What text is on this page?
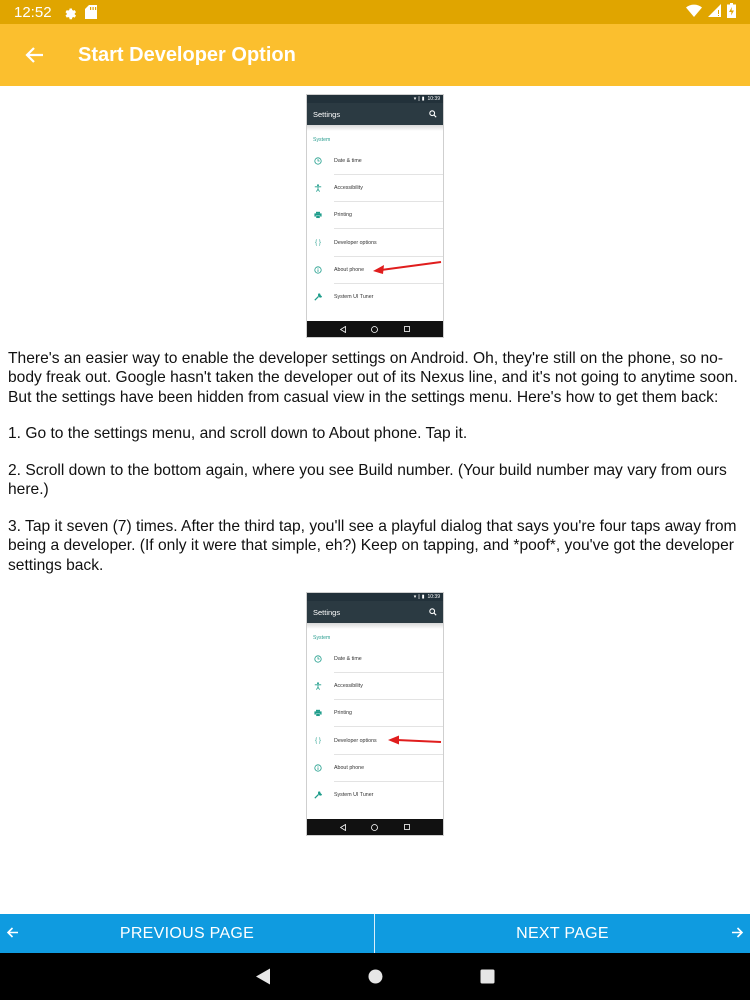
12:52
Start Developer Option
▾ ▯ ▮ 10:39
Settings
System
Date & time
Accessibility
Printing
{ }	Developer options
About phone
System UI Tuner

There's an easier way to enable the developer settings on Android. Oh, they're still on the phone, so no-body freak out. Google hasn't taken the developer out of its Nexus line, and it's not going to anytime soon. But the settings have been hidden from casual view in the settings menu. Here's how to get them back:

1. Go to the settings menu, and scroll down to About phone. Tap it.

2. Scroll down to the bottom again, where you see Build number. (Your build number may vary from ours here.)

3. Tap it seven (7) times. After the third tap, you'll see a playful dialog that says you're four taps away from being a developer. (If only it were that simple, eh?) Keep on tapping, and *poof*, you've got the developer settings back.

▾ ▯ ▮ 10:39
Settings
System
Date & time
Accessibility
Printing
{ }	Developer options
About phone
System UI Tuner
PREVIOUS PAGE	NEXT PAGE
